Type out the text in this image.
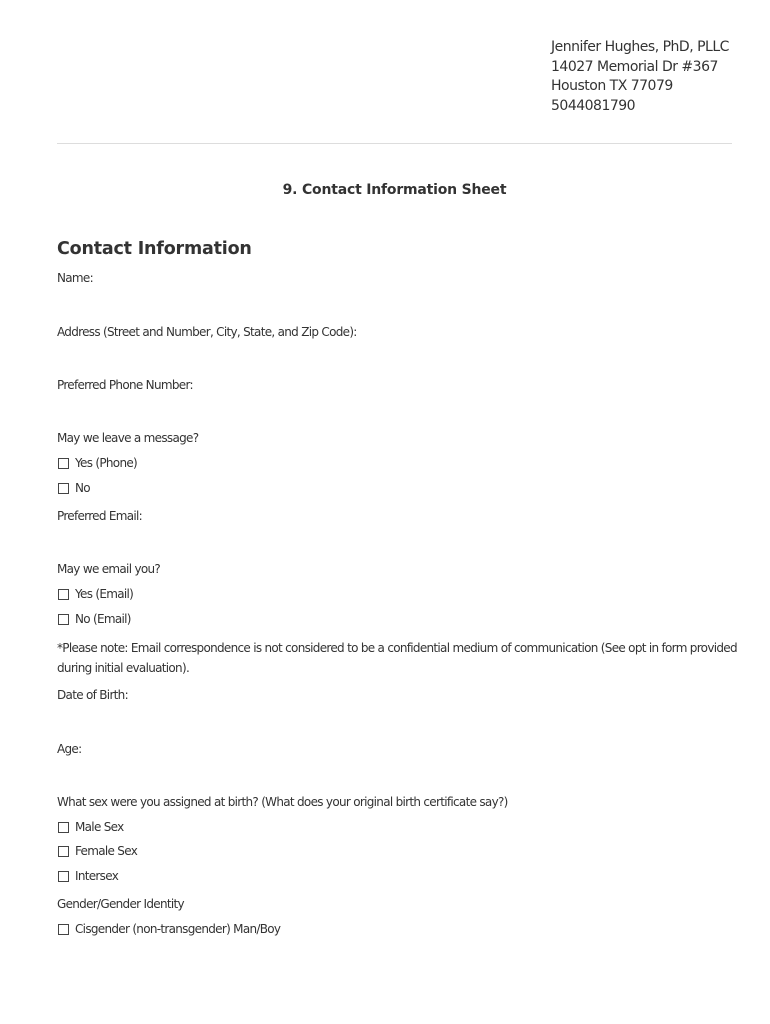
Jennifer Hughes, PhD, PLLC
14027 Memorial Dr #367
Houston TX 77079
5044081790
9. Contact Information Sheet
Contact Information
Name:
Address (Street and Number, City, State, and Zip Code):
Preferred Phone Number:
May we leave a message?
Yes (Phone)
No
Preferred Email:
May we email you?
Yes (Email)
No (Email)
*Please note: Email correspondence is not considered to be a confidential medium of communication (See opt in form provided during initial evaluation).
Date of Birth:
Age:
What sex were you assigned at birth? (What does your original birth certificate say?)
Male Sex
Female Sex
Intersex
Gender/Gender Identity
Cisgender (non-transgender) Man/Boy
